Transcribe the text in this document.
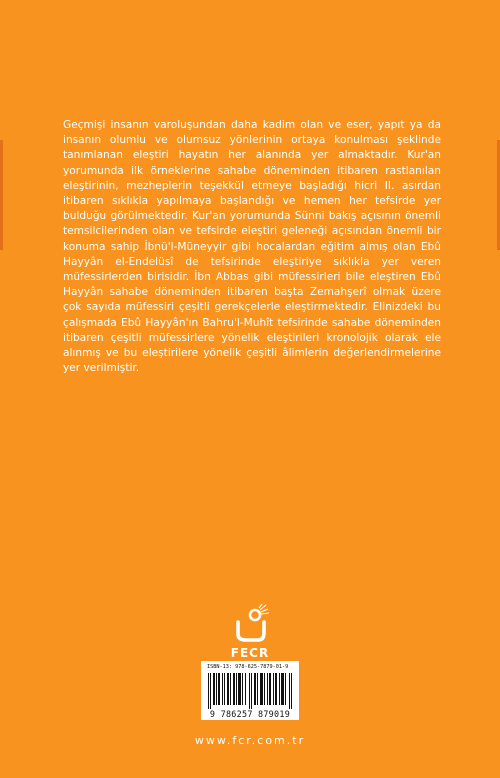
Geçmişi insanın varoluşundan daha kadim olan ve eser, yapıt ya da insanın olumlu ve olumsuz yönlerinin ortaya konulması şeklinde tanımlanan eleştiri hayatın her alanında yer almaktadır. Kur'an yorumunda ilk örneklerine sahabe döneminden itibaren rastlanılan eleştirinin, mezheplerin teşekkül etmeye başladığı hicri II. asırdan itibaren sıklıkla yapılmaya başlandığı ve hemen her tefsirde yer bulduğu görülmektedir. Kur'an yorumunda Sünni bakış açısının önemli temsilcilerinden olan ve tefsirde eleştiri geleneği açısından önemli bir konuma sahip İbnü'l-Müneyyir gibi hocalardan eğitim almış olan Ebû Hayyân el-Endelüsî de tefsirinde eleştiriye sıklıkla yer veren müfessirlerden birisidir. İbn Abbas gibi müfessirleri bile eleştiren Ebû Hayyân sahabe döneminden itibaren başta Zemahşerî olmak üzere çok sayıda müfessiri çeşitli gerekçelerle eleştirmektedir. Elinizdeki bu çalışmada Ebû Hayyân'ın Bahru'l-Muhît tefsirinde sahabe döneminden itibaren çeşitli müfessirlere yönelik eleştirileri kronolojik olarak ele alınmış ve bu eleştirilere yönelik çeşitli âlimlerin değerlendirmelerine yer verilmiştir.

FECR
ISBN-13: 978-625-7879-01-9
9 786257 879019
www.fcr.com.tr
